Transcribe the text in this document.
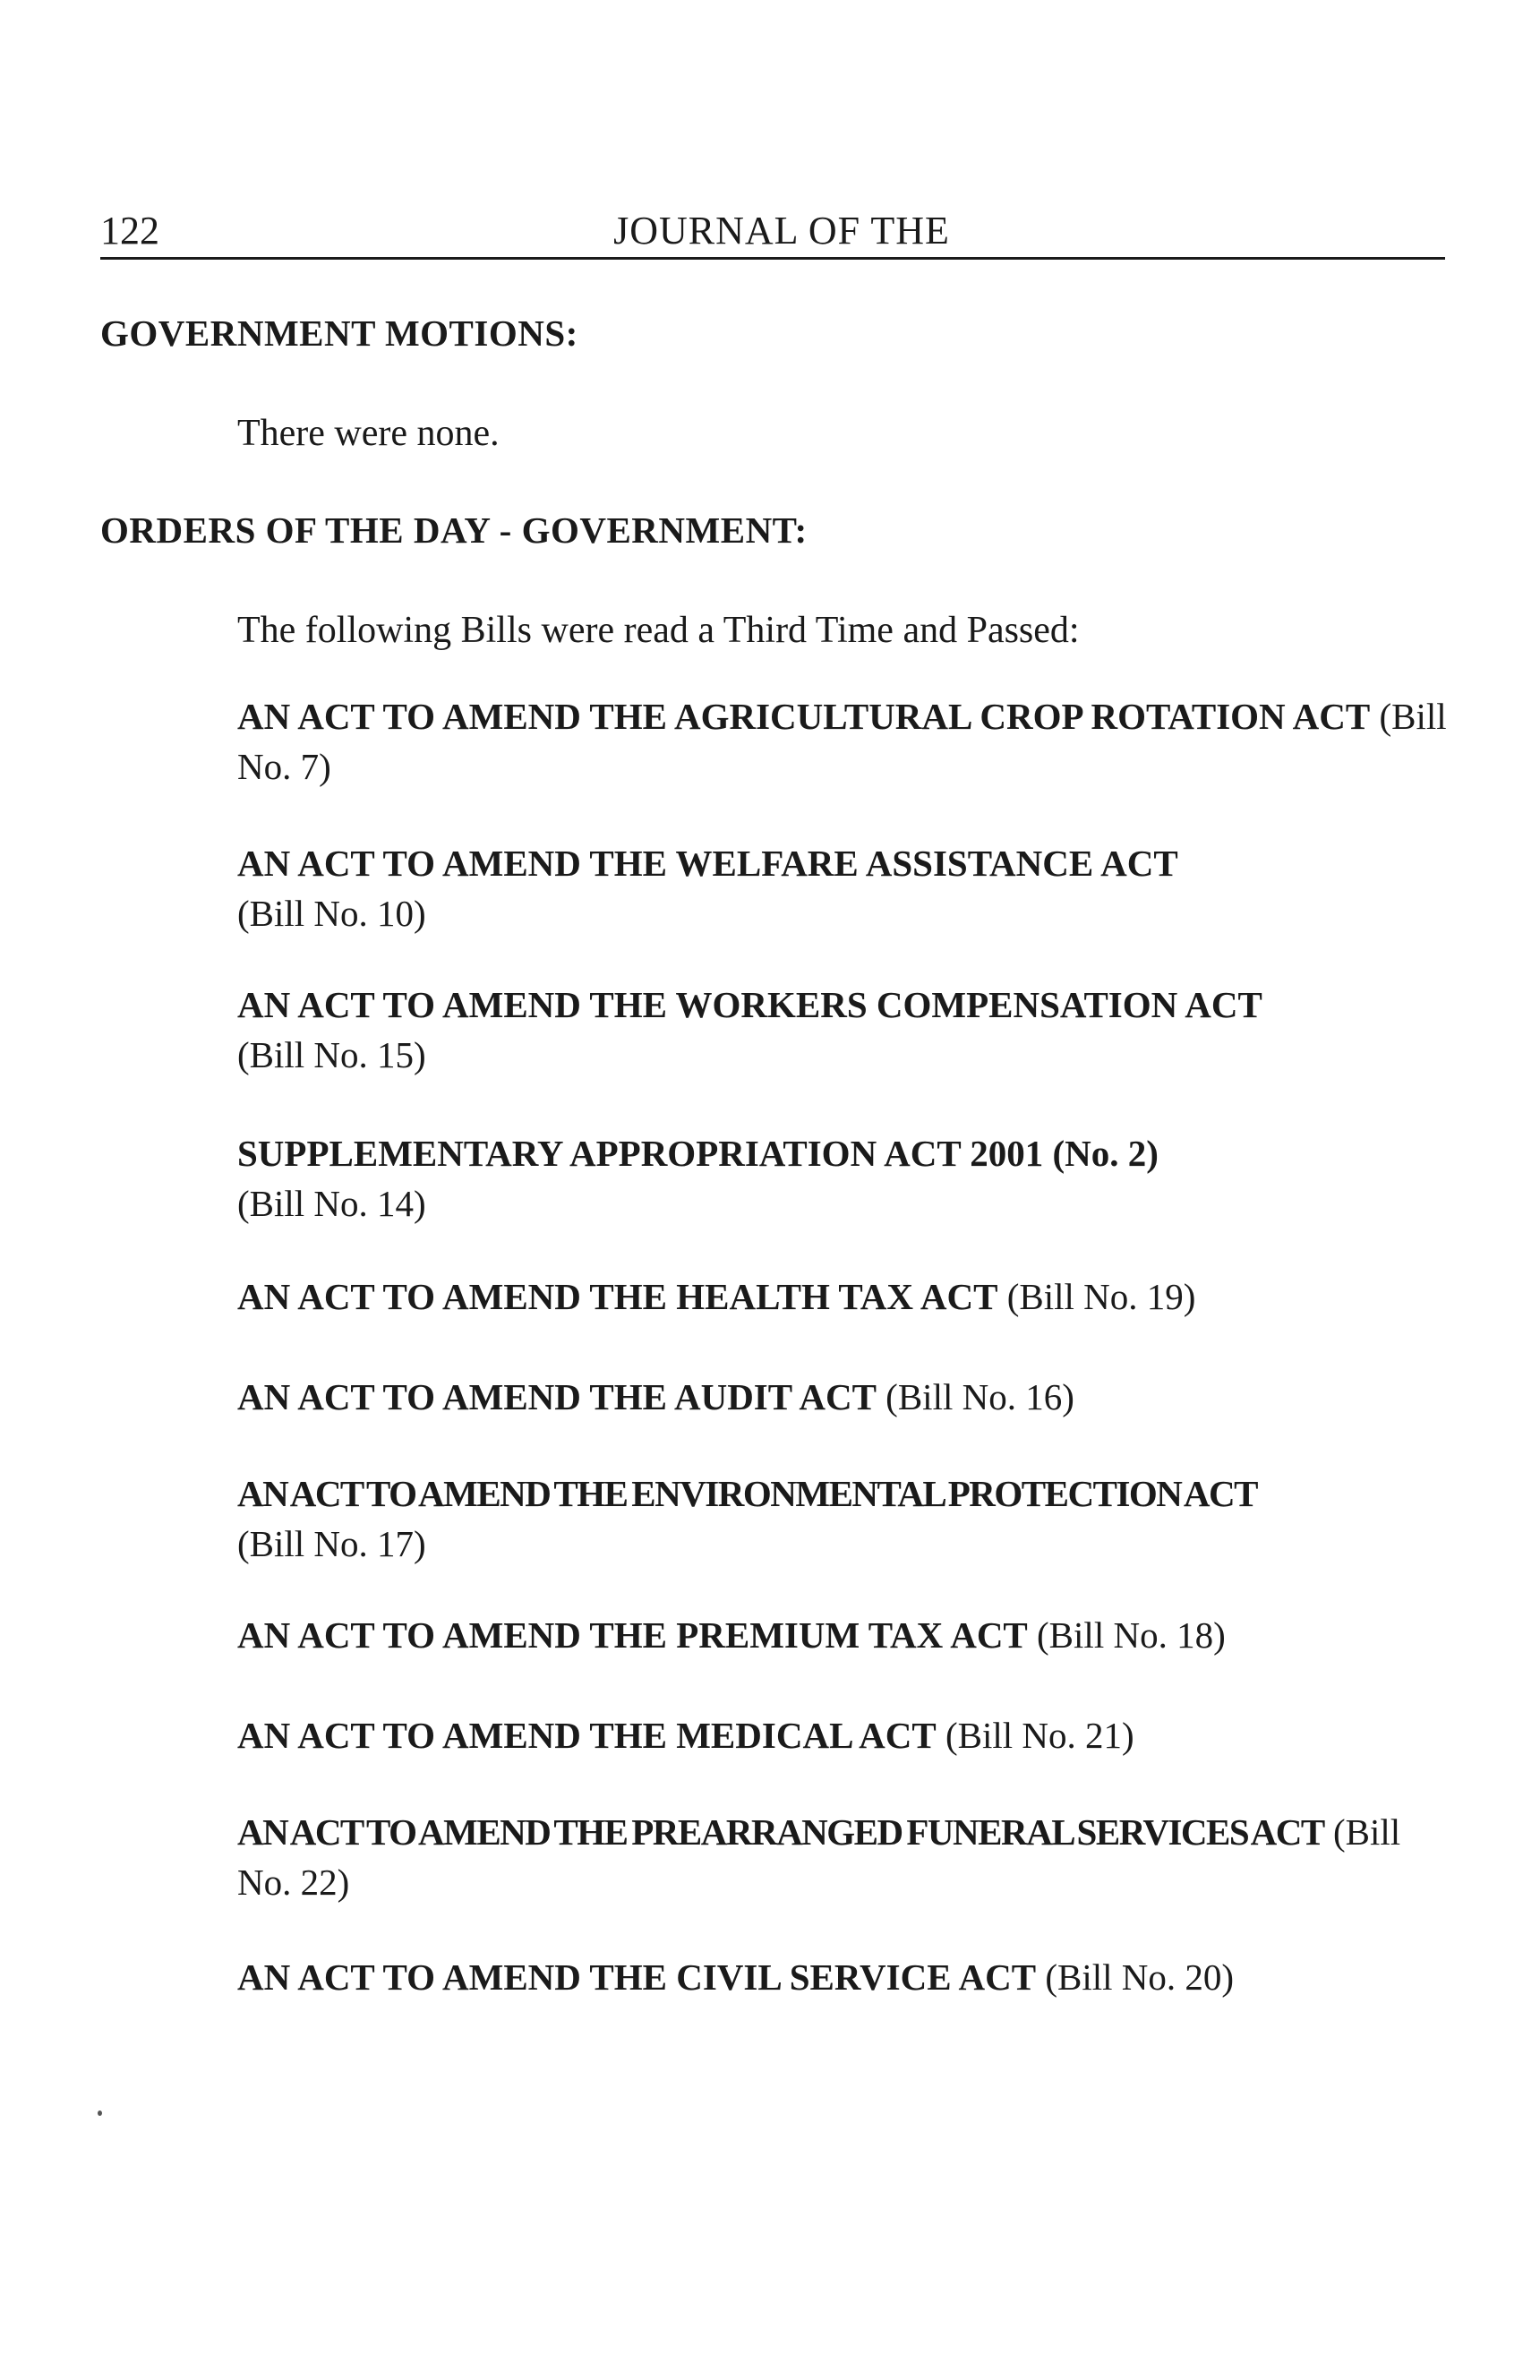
122	JOURNAL OF THE
GOVERNMENT MOTIONS:

There were none.

ORDERS OF THE DAY - GOVERNMENT:

The following Bills were read a Third Time and Passed:

AN ACT TO AMEND THE AGRICULTURAL CROP ROTATION ACT (Bill No. 7)

AN ACT TO AMEND THE WELFARE ASSISTANCE ACT
(Bill No. 10)

AN ACT TO AMEND THE WORKERS COMPENSATION ACT
(Bill No. 15)

SUPPLEMENTARY APPROPRIATION ACT 2001 (No. 2)
(Bill No. 14)

AN ACT TO AMEND THE HEALTH TAX ACT (Bill No. 19)

AN ACT TO AMEND THE AUDIT ACT (Bill No. 16)

AN ACT TO AMEND THE ENVIRONMENTAL PROTECTION ACT
(Bill No. 17)

AN ACT TO AMEND THE PREMIUM TAX ACT (Bill No. 18)

AN ACT TO AMEND THE MEDICAL ACT (Bill No. 21)

AN ACT TO AMEND THE PREARRANGED FUNERAL SERVICES ACT (Bill No. 22)

AN ACT TO AMEND THE CIVIL SERVICE ACT (Bill No. 20)
